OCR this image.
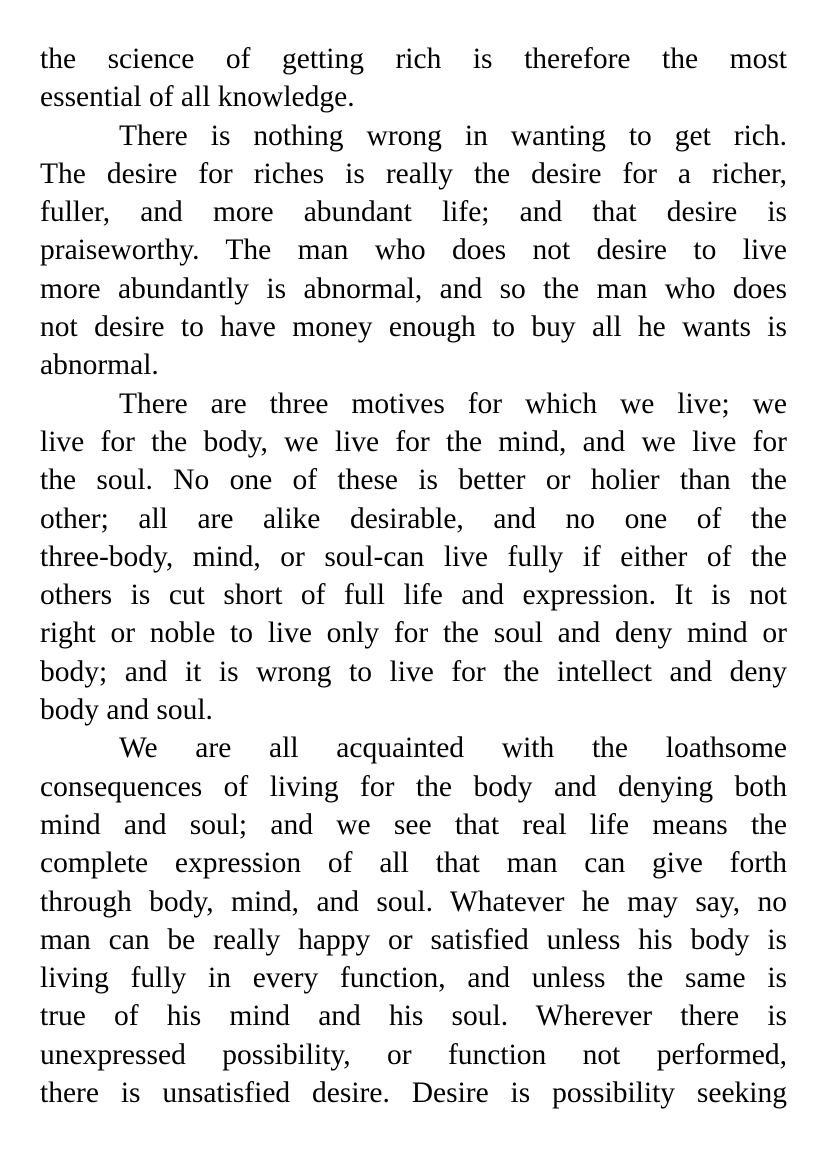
the science of getting rich is therefore the most
essential of all knowledge.
There is nothing wrong in wanting to get rich.
The desire for riches is really the desire for a richer,
fuller, and more abundant life; and that desire is
praiseworthy. The man who does not desire to live
more abundantly is abnormal, and so the man who does
not desire to have money enough to buy all he wants is
abnormal.
There are three motives for which we live; we
live for the body, we live for the mind, and we live for
the soul. No one of these is better or holier than the
other; all are alike desirable, and no one of the
three-body, mind, or soul-can live fully if either of the
others is cut short of full life and expression. It is not
right or noble to live only for the soul and deny mind or
body; and it is wrong to live for the intellect and deny
body and soul.
We are all acquainted with the loathsome
consequences of living for the body and denying both
mind and soul; and we see that real life means the
complete expression of all that man can give forth
through body, mind, and soul. Whatever he may say, no
man can be really happy or satisfied unless his body is
living fully in every function, and unless the same is
true of his mind and his soul. Wherever there is
unexpressed possibility, or function not performed,
there is unsatisfied desire. Desire is possibility seeking
